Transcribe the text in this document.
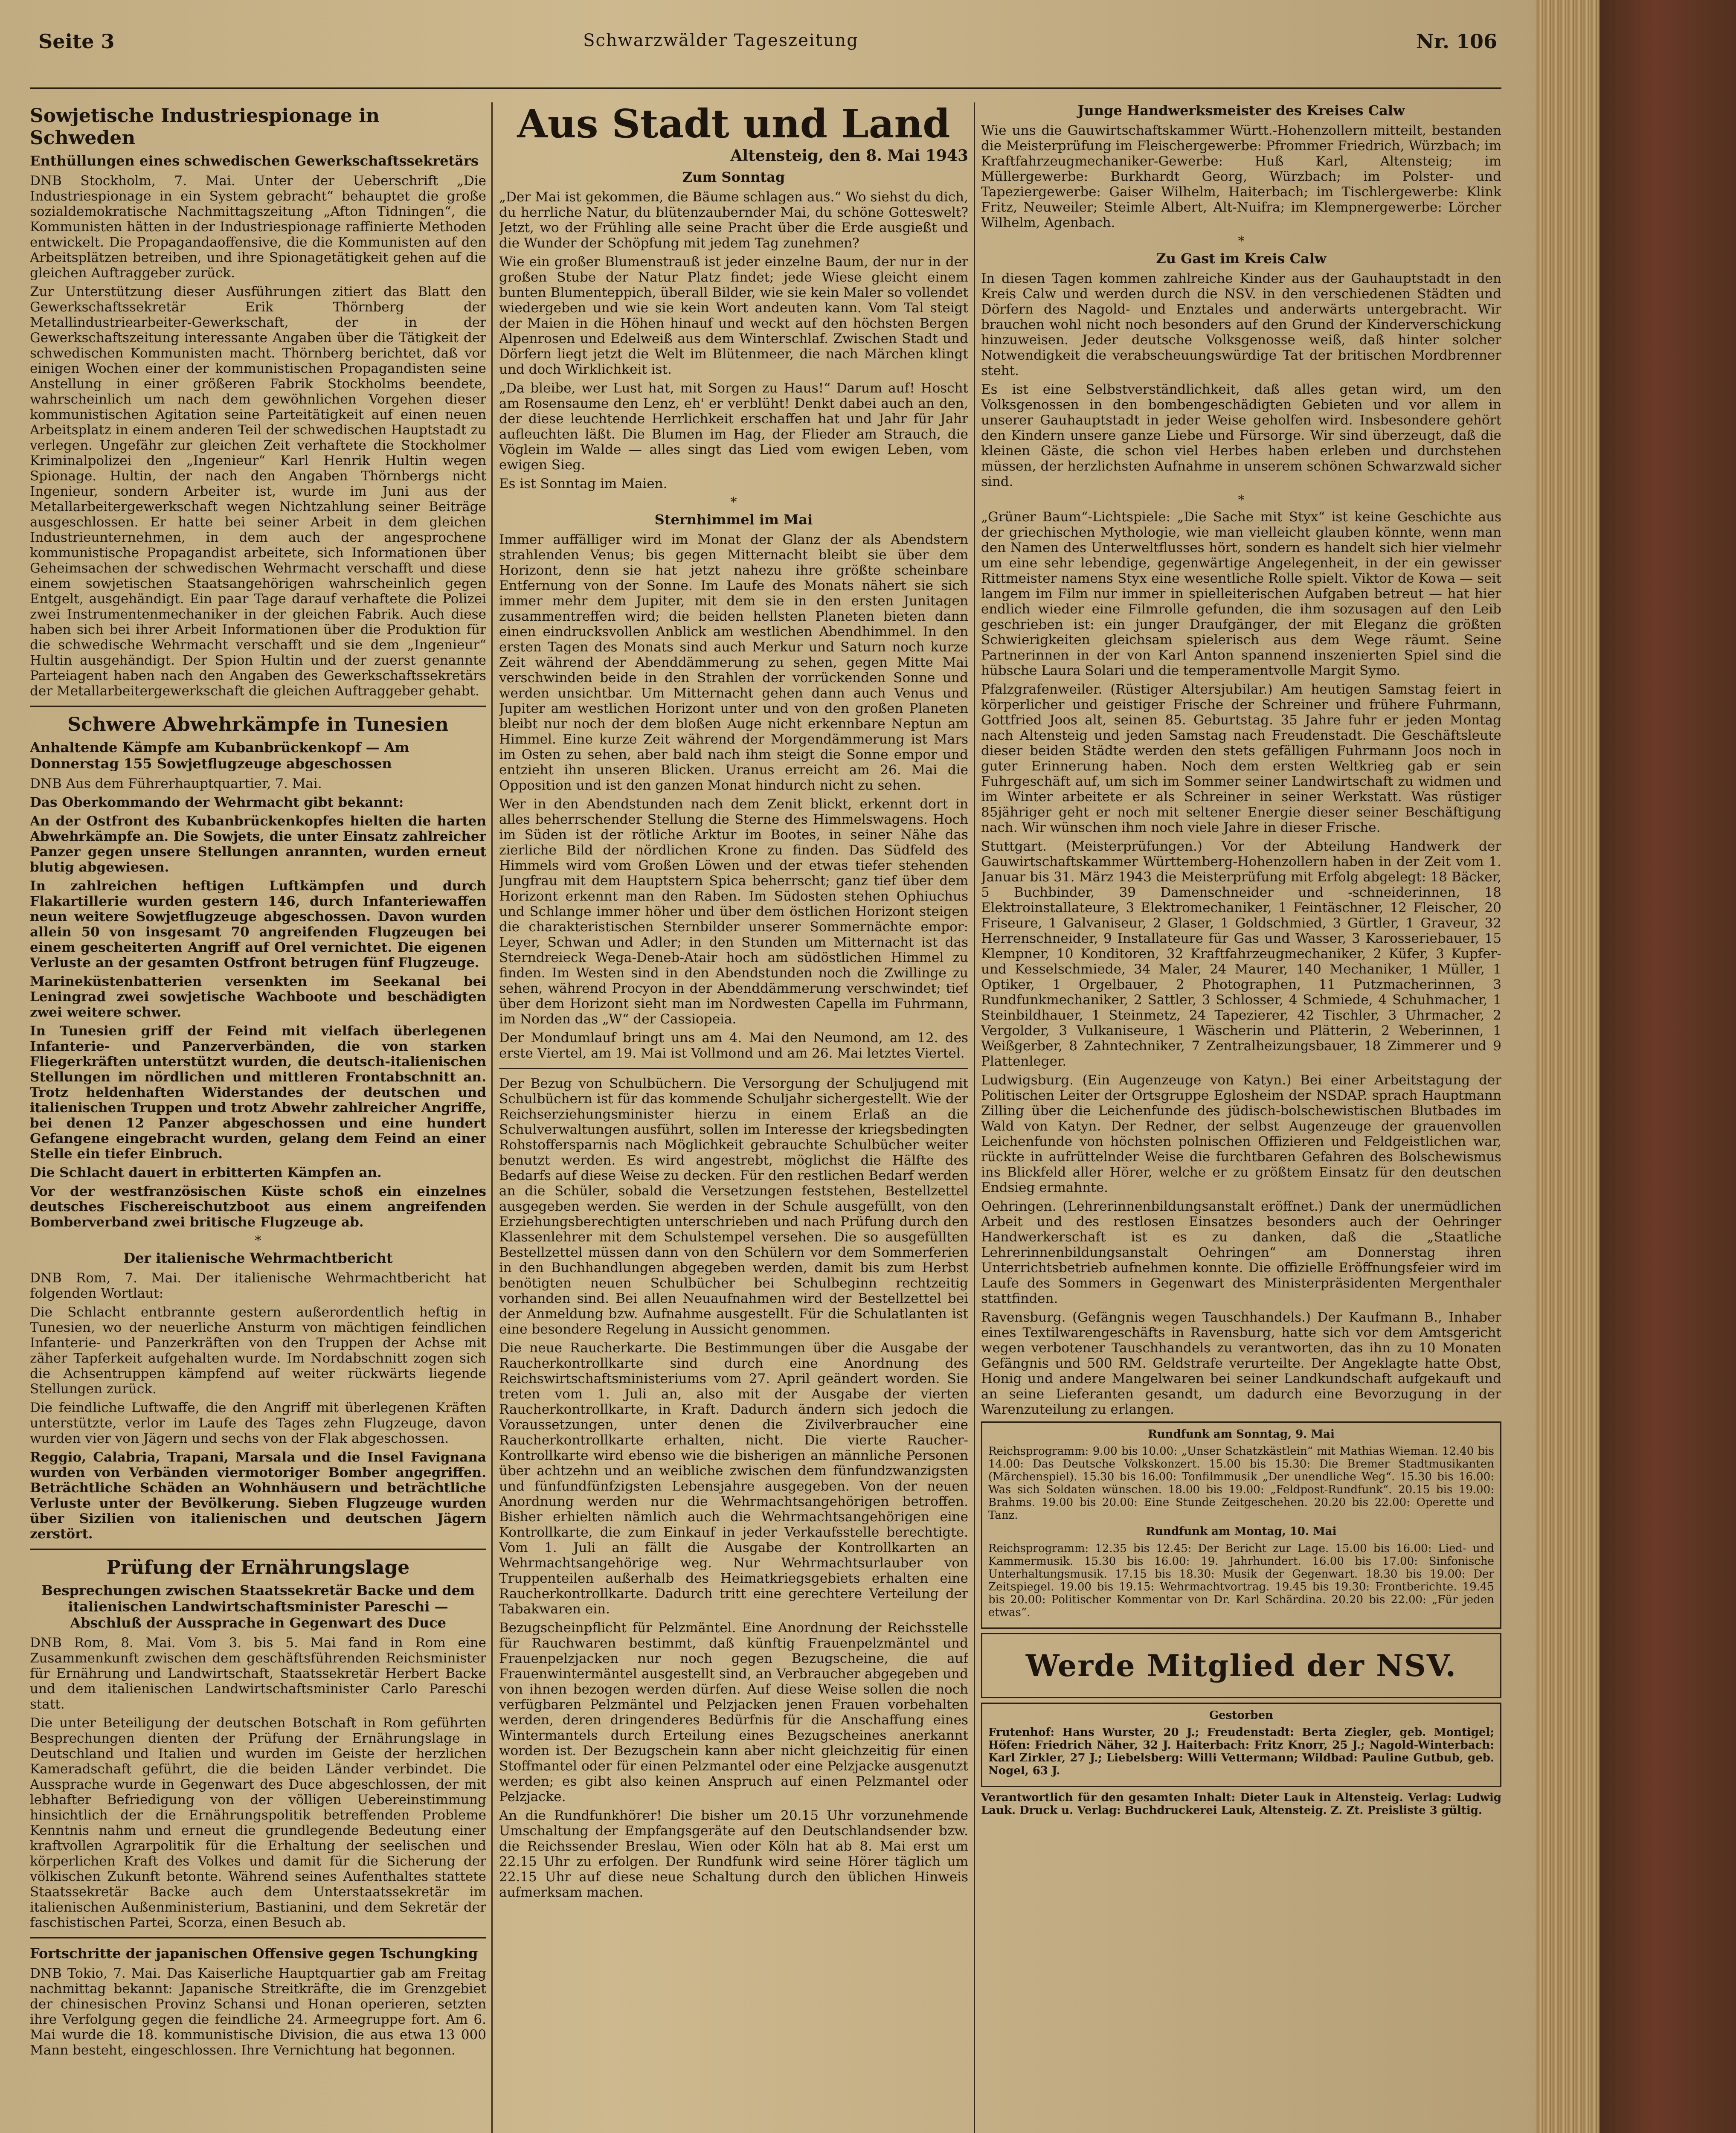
Seite 3	Schwarzwälder Tageszeitung	Nr. 106
Sowjetische Industriespionage in Schweden
Enthüllungen eines schwedischen Gewerkschaftssekretärs

DNB Stockholm, 7. Mai. Unter der Ueberschrift „Die Industriespionage in ein System gebracht“ behauptet die große sozialdemokratische Nachmittagszeitung „Afton Tidningen“, die Kommunisten hätten in der Industriespionage raffinierte Methoden entwickelt. Die Propagandaoffensive, die die Kommunisten auf den Arbeitsplätzen betreiben, und ihre Spionagetätigkeit gehen auf die gleichen Auftraggeber zurück.

Zur Unterstützung dieser Ausführungen zitiert das Blatt den Gewerkschaftssekretär Erik Thörnberg der Metallindustriearbeiter-Gewerkschaft, der in der Gewerkschaftszeitung interessante Angaben über die Tätigkeit der schwedischen Kommunisten macht. Thörnberg berichtet, daß vor einigen Wochen einer der kommunistischen Propagandisten seine Anstellung in einer größeren Fabrik Stockholms beendete, wahrscheinlich um nach dem gewöhnlichen Vorgehen dieser kommunistischen Agitation seine Parteitätigkeit auf einen neuen Arbeitsplatz in einem anderen Teil der schwedischen Hauptstadt zu verlegen. Ungefähr zur gleichen Zeit verhaftete die Stockholmer Kriminalpolizei den „Ingenieur“ Karl Henrik Hultin wegen Spionage. Hultin, der nach den Angaben Thörnbergs nicht Ingenieur, sondern Arbeiter ist, wurde im Juni aus der Metallarbeitergewerkschaft wegen Nichtzahlung seiner Beiträge ausgeschlossen. Er hatte bei seiner Arbeit in dem gleichen Industrieunternehmen, in dem auch der angesprochene kommunistische Propagandist arbeitete, sich Informationen über Geheimsachen der schwedischen Wehrmacht verschafft und diese einem sowjetischen Staatsangehörigen wahrscheinlich gegen Entgelt, ausgehändigt. Ein paar Tage darauf verhaftete die Polizei zwei Instrumentenmechaniker in der gleichen Fabrik. Auch diese haben sich bei ihrer Arbeit Informationen über die Produktion für die schwedische Wehrmacht verschafft und sie dem „Ingenieur“ Hultin ausgehändigt. Der Spion Hultin und der zuerst genannte Parteiagent haben nach den Angaben des Gewerkschaftssekretärs der Metallarbeitergewerkschaft die gleichen Auftraggeber gehabt.

Schwere Abwehrkämpfe in Tunesien
Anhaltende Kämpfe am Kubanbrückenkopf — Am Donnerstag 155 Sowjetflugzeuge abgeschossen

DNB Aus dem Führerhauptquartier, 7. Mai.

Das Oberkommando der Wehrmacht gibt bekannt:

An der Ostfront des Kubanbrückenkopfes hielten die harten Abwehrkämpfe an. Die Sowjets, die unter Einsatz zahlreicher Panzer gegen unsere Stellungen anrannten, wurden erneut blutig abgewiesen.

In zahlreichen heftigen Luftkämpfen und durch Flakartillerie wurden gestern 146, durch Infanteriewaffen neun weitere Sowjetflugzeuge abgeschossen. Davon wurden allein 50 von insgesamt 70 angreifenden Flugzeugen bei einem gescheiterten Angriff auf Orel vernichtet. Die eigenen Verluste an der gesamten Ostfront betrugen fünf Flugzeuge.

Marineküstenbatterien versenkten im Seekanal bei Leningrad zwei sowjetische Wachboote und beschädigten zwei weitere schwer.

In Tunesien griff der Feind mit vielfach überlegenen Infanterie- und Panzerverbänden, die von starken Fliegerkräften unterstützt wurden, die deutsch-italienischen Stellungen im nördlichen und mittleren Frontabschnitt an. Trotz heldenhaften Widerstandes der deutschen und italienischen Truppen und trotz Abwehr zahlreicher Angriffe, bei denen 12 Panzer abgeschossen und eine hundert Gefangene eingebracht wurden, gelang dem Feind an einer Stelle ein tiefer Einbruch.

Die Schlacht dauert in erbitterten Kämpfen an.

Vor der westfranzösischen Küste schoß ein einzelnes deutsches Fischereischutzboot aus einem angreifenden Bomberverband zwei britische Flugzeuge ab.

*
Der italienische Wehrmachtbericht

DNB Rom, 7. Mai. Der italienische Wehrmachtbericht hat folgenden Wortlaut:

Die Schlacht entbrannte gestern außerordentlich heftig in Tunesien, wo der neuerliche Ansturm von mächtigen feindlichen Infanterie- und Panzerkräften von den Truppen der Achse mit zäher Tapferkeit aufgehalten wurde. Im Nordabschnitt zogen sich die Achsentruppen kämpfend auf weiter rückwärts liegende Stellungen zurück.

Die feindliche Luftwaffe, die den Angriff mit überlegenen Kräften unterstützte, verlor im Laufe des Tages zehn Flugzeuge, davon wurden vier von Jägern und sechs von der Flak abgeschossen.

Reggio, Calabria, Trapani, Marsala und die Insel Favignana wurden von Verbänden viermotoriger Bomber angegriffen. Beträchtliche Schäden an Wohnhäusern und beträchtliche Verluste unter der Bevölkerung. Sieben Flugzeuge wurden über Sizilien von italienischen und deutschen Jägern zerstört.

Prüfung der Ernährungslage
Besprechungen zwischen Staatssekretär Backe und dem italienischen Landwirtschaftsminister Pareschi — Abschluß der Aussprache in Gegenwart des Duce

DNB Rom, 8. Mai. Vom 3. bis 5. Mai fand in Rom eine Zusammenkunft zwischen dem geschäftsführenden Reichsminister für Ernährung und Landwirtschaft, Staatssekretär Herbert Backe und dem italienischen Landwirtschaftsminister Carlo Pareschi statt.

Die unter Beteiligung der deutschen Botschaft in Rom geführten Besprechungen dienten der Prüfung der Ernährungslage in Deutschland und Italien und wurden im Geiste der herzlichen Kameradschaft geführt, die die beiden Länder verbindet. Die Aussprache wurde in Gegenwart des Duce abgeschlossen, der mit lebhafter Befriedigung von der völligen Uebereinstimmung hinsichtlich der die Ernährungspolitik betreffenden Probleme Kenntnis nahm und erneut die grundlegende Bedeutung einer kraftvollen Agrarpolitik für die Erhaltung der seelischen und körperlichen Kraft des Volkes und damit für die Sicherung der völkischen Zukunft betonte. Während seines Aufenthaltes stattete Staatssekretär Backe auch dem Unterstaatssekretär im italienischen Außenministerium, Bastianini, und dem Sekretär der faschistischen Partei, Scorza, einen Besuch ab.

Fortschritte der japanischen Offensive gegen Tschungking

DNB Tokio, 7. Mai. Das Kaiserliche Hauptquartier gab am Freitag nachmittag bekannt: Japanische Streitkräfte, die im Grenzgebiet der chinesischen Provinz Schansi und Honan operieren, setzten ihre Verfolgung gegen die feindliche 24. Armeegruppe fort. Am 6. Mai wurde die 18. kommunistische Division, die aus etwa 13 000 Mann besteht, eingeschlossen. Ihre Vernichtung hat begonnen.

Aus Stadt und Land
Altensteig, den 8. Mai 1943
Zum Sonntag

„Der Mai ist gekommen, die Bäume schlagen aus.“ Wo siehst du dich, du herrliche Natur, du blütenzaubernder Mai, du schöne Gotteswelt? Jetzt, wo der Frühling alle seine Pracht über die Erde ausgießt und die Wunder der Schöpfung mit jedem Tag zunehmen?

Wie ein großer Blumenstrauß ist jeder einzelne Baum, der nur in der großen Stube der Natur Platz findet; jede Wiese gleicht einem bunten Blumenteppich, überall Bilder, wie sie kein Maler so vollendet wiedergeben und wie sie kein Wort andeuten kann. Vom Tal steigt der Maien in die Höhen hinauf und weckt auf den höchsten Bergen Alpenrosen und Edelweiß aus dem Winterschlaf. Zwischen Stadt und Dörfern liegt jetzt die Welt im Blütenmeer, die nach Märchen klingt und doch Wirklichkeit ist.

„Da bleibe, wer Lust hat, mit Sorgen zu Haus!“ Darum auf! Hoscht am Rosensaume den Lenz, eh' er verblüht! Denkt dabei auch an den, der diese leuchtende Herrlichkeit erschaffen hat und Jahr für Jahr aufleuchten läßt. Die Blumen im Hag, der Flieder am Strauch, die Vöglein im Walde — alles singt das Lied vom ewigen Leben, vom ewigen Sieg.

Es ist Sonntag im Maien.

*
Sternhimmel im Mai

Immer auffälliger wird im Monat der Glanz der als Abendstern strahlenden Venus; bis gegen Mitternacht bleibt sie über dem Horizont, denn sie hat jetzt nahezu ihre größte scheinbare Entfernung von der Sonne. Im Laufe des Monats nähert sie sich immer mehr dem Jupiter, mit dem sie in den ersten Junitagen zusammentreffen wird; die beiden hellsten Planeten bieten dann einen eindrucksvollen Anblick am westlichen Abendhimmel. In den ersten Tagen des Monats sind auch Merkur und Saturn noch kurze Zeit während der Abenddämmerung zu sehen, gegen Mitte Mai verschwinden beide in den Strahlen der vorrückenden Sonne und werden unsichtbar. Um Mitternacht gehen dann auch Venus und Jupiter am westlichen Horizont unter und von den großen Planeten bleibt nur noch der dem bloßen Auge nicht erkennbare Neptun am Himmel. Eine kurze Zeit während der Morgendämmerung ist Mars im Osten zu sehen, aber bald nach ihm steigt die Sonne empor und entzieht ihn unseren Blicken. Uranus erreicht am 26. Mai die Opposition und ist den ganzen Monat hindurch nicht zu sehen.

Wer in den Abendstunden nach dem Zenit blickt, erkennt dort in alles beherrschender Stellung die Sterne des Himmelswagens. Hoch im Süden ist der rötliche Arktur im Bootes, in seiner Nähe das zierliche Bild der nördlichen Krone zu finden. Das Südfeld des Himmels wird vom Großen Löwen und der etwas tiefer stehenden Jungfrau mit dem Hauptstern Spica beherrscht; ganz tief über dem Horizont erkennt man den Raben. Im Südosten stehen Ophiuchus und Schlange immer höher und über dem östlichen Horizont steigen die charakteristischen Sternbilder unserer Sommernächte empor: Leyer, Schwan und Adler; in den Stunden um Mitternacht ist das Sterndreieck Wega-Deneb-Atair hoch am südöstlichen Himmel zu finden. Im Westen sind in den Abendstunden noch die Zwillinge zu sehen, während Procyon in der Abenddämmerung verschwindet; tief über dem Horizont sieht man im Nordwesten Capella im Fuhrmann, im Norden das „W“ der Cassiopeia.

Der Mondumlauf bringt uns am 4. Mai den Neumond, am 12. des erste Viertel, am 19. Mai ist Vollmond und am 26. Mai letztes Viertel.

Der Bezug von Schulbüchern. Die Versorgung der Schuljugend mit Schulbüchern ist für das kommende Schuljahr sichergestellt. Wie der Reichserziehungsminister hierzu in einem Erlaß an die Schulverwaltungen ausführt, sollen im Interesse der kriegsbedingten Rohstoffersparnis nach Möglichkeit gebrauchte Schulbücher weiter benutzt werden. Es wird angestrebt, möglichst die Hälfte des Bedarfs auf diese Weise zu decken. Für den restlichen Bedarf werden an die Schüler, sobald die Versetzungen feststehen, Bestellzettel ausgegeben werden. Sie werden in der Schule ausgefüllt, von den Erziehungsberechtigten unterschrieben und nach Prüfung durch den Klassenlehrer mit dem Schulstempel versehen. Die so ausgefüllten Bestellzettel müssen dann von den Schülern vor dem Sommerferien in den Buchhandlungen abgegeben werden, damit bis zum Herbst benötigten neuen Schulbücher bei Schulbeginn rechtzeitig vorhanden sind. Bei allen Neuaufnahmen wird der Bestellzettel bei der Anmeldung bzw. Aufnahme ausgestellt. Für die Schulatlanten ist eine besondere Regelung in Aussicht genommen.

Die neue Raucherkarte. Die Bestimmungen über die Ausgabe der Raucherkontrollkarte sind durch eine Anordnung des Reichswirtschaftsministeriums vom 27. April geändert worden. Sie treten vom 1. Juli an, also mit der Ausgabe der vierten Raucherkontrollkarte, in Kraft. Dadurch ändern sich jedoch die Voraussetzungen, unter denen die Zivilverbraucher eine Raucherkontrollkarte erhalten, nicht. Die vierte Raucher-Kontrollkarte wird ebenso wie die bisherigen an männliche Personen über achtzehn und an weibliche zwischen dem fünfundzwanzigsten und fünfundfünfzigsten Lebensjahre ausgegeben. Von der neuen Anordnung werden nur die Wehrmachtsangehörigen betroffen. Bisher erhielten nämlich auch die Wehrmachtsangehörigen eine Kontrollkarte, die zum Einkauf in jeder Verkaufsstelle berechtigte. Vom 1. Juli an fällt die Ausgabe der Kontrollkarten an Wehrmachtsangehörige weg. Nur Wehrmachtsurlauber von Truppenteilen außerhalb des Heimatkriegsgebiets erhalten eine Raucherkontrollkarte. Dadurch tritt eine gerechtere Verteilung der Tabakwaren ein.

Bezugscheinpflicht für Pelzmäntel. Eine Anordnung der Reichsstelle für Rauchwaren bestimmt, daß künftig Frauenpelzmäntel und Frauenpelzjacken nur noch gegen Bezugscheine, die auf Frauenwintermäntel ausgestellt sind, an Verbraucher abgegeben und von ihnen bezogen werden dürfen. Auf diese Weise sollen die noch verfügbaren Pelzmäntel und Pelzjacken jenen Frauen vorbehalten werden, deren dringenderes Bedürfnis für die Anschaffung eines Wintermantels durch Erteilung eines Bezugscheines anerkannt worden ist. Der Bezugschein kann aber nicht gleichzeitig für einen Stoffmantel oder für einen Pelzmantel oder eine Pelzjacke ausgenutzt werden; es gibt also keinen Anspruch auf einen Pelzmantel oder Pelzjacke.

An die Rundfunkhörer! Die bisher um 20.15 Uhr vorzunehmende Umschaltung der Empfangsgeräte auf den Deutschlandsender bzw. die Reichssender Breslau, Wien oder Köln hat ab 8. Mai erst um 22.15 Uhr zu erfolgen. Der Rundfunk wird seine Hörer täglich um 22.15 Uhr auf diese neue Schaltung durch den üblichen Hinweis aufmerksam machen.

Junge Handwerksmeister des Kreises Calw

Wie uns die Gauwirtschaftskammer Württ.-Hohenzollern mitteilt, bestanden die Meisterprüfung im Fleischergewerbe: Pfrommer Friedrich, Würzbach; im Kraftfahrzeugmechaniker-Gewerbe: Huß Karl, Altensteig; im Müllergewerbe: Burkhardt Georg, Würzbach; im Polster- und Tapeziergewerbe: Gaiser Wilhelm, Haiterbach; im Tischlergewerbe: Klink Fritz, Neuweiler; Steimle Albert, Alt-Nuifra; im Klempnergewerbe: Lörcher Wilhelm, Agenbach.

*
Zu Gast im Kreis Calw

In diesen Tagen kommen zahlreiche Kinder aus der Gauhauptstadt in den Kreis Calw und werden durch die NSV. in den verschiedenen Städten und Dörfern des Nagold- und Enztales und anderwärts untergebracht. Wir brauchen wohl nicht noch besonders auf den Grund der Kinderverschickung hinzuweisen. Jeder deutsche Volksgenosse weiß, daß hinter solcher Notwendigkeit die verabscheuungswürdige Tat der britischen Mordbrenner steht.

Es ist eine Selbstverständlichkeit, daß alles getan wird, um den Volksgenossen in den bombengeschädigten Gebieten und vor allem in unserer Gauhauptstadt in jeder Weise geholfen wird. Insbesondere gehört den Kindern unsere ganze Liebe und Fürsorge. Wir sind überzeugt, daß die kleinen Gäste, die schon viel Herbes haben erleben und durchstehen müssen, der herzlichsten Aufnahme in unserem schönen Schwarzwald sicher sind.

*

„Grüner Baum“-Lichtspiele: „Die Sache mit Styx“ ist keine Geschichte aus der griechischen Mythologie, wie man vielleicht glauben könnte, wenn man den Namen des Unterweltflusses hört, sondern es handelt sich hier vielmehr um eine sehr lebendige, gegenwärtige Angelegenheit, in der ein gewisser Rittmeister namens Styx eine wesentliche Rolle spielt. Viktor de Kowa — seit langem im Film nur immer in spielleiterischen Aufgaben betreut — hat hier endlich wieder eine Filmrolle gefunden, die ihm sozusagen auf den Leib geschrieben ist: ein junger Draufgänger, der mit Eleganz die größten Schwierigkeiten gleichsam spielerisch aus dem Wege räumt. Seine Partnerinnen in der von Karl Anton spannend inszenierten Spiel sind die hübsche Laura Solari und die temperamentvolle Margit Symo.

Pfalzgrafenweiler. (Rüstiger Altersjubilar.) Am heutigen Samstag feiert in körperlicher und geistiger Frische der Schreiner und frühere Fuhrmann, Gottfried Joos alt, seinen 85. Geburtstag. 35 Jahre fuhr er jeden Montag nach Altensteig und jeden Samstag nach Freudenstadt. Die Geschäftsleute dieser beiden Städte werden den stets gefälligen Fuhrmann Joos noch in guter Erinnerung haben. Noch dem ersten Weltkrieg gab er sein Fuhrgeschäft auf, um sich im Sommer seiner Landwirtschaft zu widmen und im Winter arbeitete er als Schreiner in seiner Werkstatt. Was rüstiger 85jähriger geht er noch mit seltener Energie dieser seiner Beschäftigung nach. Wir wünschen ihm noch viele Jahre in dieser Frische.

Stuttgart. (Meisterprüfungen.) Vor der Abteilung Handwerk der Gauwirtschaftskammer Württemberg-Hohenzollern haben in der Zeit vom 1. Januar bis 31. März 1943 die Meisterprüfung mit Erfolg abgelegt: 18 Bäcker, 5 Buchbinder, 39 Damenschneider und -schneiderinnen, 18 Elektroinstallateure, 3 Elektromechaniker, 1 Feintäschner, 12 Fleischer, 20 Friseure, 1 Galvaniseur, 2 Glaser, 1 Goldschmied, 3 Gürtler, 1 Graveur, 32 Herrenschneider, 9 Installateure für Gas und Wasser, 3 Karosseriebauer, 15 Klempner, 10 Konditoren, 32 Kraftfahrzeugmechaniker, 2 Küfer, 3 Kupfer- und Kesselschmiede, 34 Maler, 24 Maurer, 140 Mechaniker, 1 Müller, 1 Optiker, 1 Orgelbauer, 2 Photographen, 11 Putzmacherinnen, 3 Rundfunkmechaniker, 2 Sattler, 3 Schlosser, 4 Schmiede, 4 Schuhmacher, 1 Steinbildhauer, 1 Steinmetz, 24 Tapezierer, 42 Tischler, 3 Uhrmacher, 2 Vergolder, 3 Vulkaniseure, 1 Wäscherin und Plätterin, 2 Weberinnen, 1 Weißgerber, 8 Zahntechniker, 7 Zentralheizungsbauer, 18 Zimmerer und 9 Plattenleger.

Ludwigsburg. (Ein Augenzeuge von Katyn.) Bei einer Arbeitstagung der Politischen Leiter der Ortsgruppe Eglosheim der NSDAP. sprach Hauptmann Zilling über die Leichenfunde des jüdisch-bolschewistischen Blutbades im Wald von Katyn. Der Redner, der selbst Augenzeuge der grauenvollen Leichenfunde von höchsten polnischen Offizieren und Feldgeistlichen war, rückte in aufrüttelnder Weise die furchtbaren Gefahren des Bolschewismus ins Blickfeld aller Hörer, welche er zu größtem Einsatz für den deutschen Endsieg ermahnte.

Oehringen. (Lehrerinnenbildungsanstalt eröffnet.) Dank der unermüdlichen Arbeit und des restlosen Einsatzes besonders auch der Oehringer Handwerkerschaft ist es zu danken, daß die „Staatliche Lehrerinnenbildungsanstalt Oehringen“ am Donnerstag ihren Unterrichtsbetrieb aufnehmen konnte. Die offizielle Eröffnungsfeier wird im Laufe des Sommers in Gegenwart des Ministerpräsidenten Mergenthaler stattfinden.

Ravensburg. (Gefängnis wegen Tauschhandels.) Der Kaufmann B., Inhaber eines Textilwarengeschäfts in Ravensburg, hatte sich vor dem Amtsgericht wegen verbotener Tauschhandels zu verantworten, das ihn zu 10 Monaten Gefängnis und 500 RM. Geldstrafe verurteilte. Der Angeklagte hatte Obst, Honig und andere Mangelwaren bei seiner Landkundschaft aufgekauft und an seine Lieferanten gesandt, um dadurch eine Bevorzugung in der Warenzuteilung zu erlangen.

Rundfunk am Sonntag, 9. Mai

Reichsprogramm: 9.00 bis 10.00: „Unser Schatzkästlein“ mit Mathias Wieman. 12.40 bis 14.00: Das Deutsche Volkskonzert. 15.00 bis 15.30: Die Bremer Stadtmusikanten (Märchenspiel). 15.30 bis 16.00: Tonfilmmusik „Der unendliche Weg“. 15.30 bis 16.00: Was sich Soldaten wünschen. 18.00 bis 19.00: „Feldpost-Rundfunk“. 20.15 bis 19.00: Brahms. 19.00 bis 20.00: Eine Stunde Zeitgeschehen. 20.20 bis 22.00: Operette und Tanz.

Rundfunk am Montag, 10. Mai

Reichsprogramm: 12.35 bis 12.45: Der Bericht zur Lage. 15.00 bis 16.00: Lied- und Kammermusik. 15.30 bis 16.00: 19. Jahrhundert. 16.00 bis 17.00: Sinfonische Unterhaltungsmusik. 17.15 bis 18.30: Musik der Gegenwart. 18.30 bis 19.00: Der Zeitspiegel. 19.00 bis 19.15: Wehrmachtvortrag. 19.45 bis 19.30: Frontberichte. 19.45 bis 20.00: Politischer Kommentar von Dr. Karl Schärdina. 20.20 bis 22.00: „Für jeden etwas“.

Werde Mitglied der NSV.
Gestorben

Frutenhof: Hans Wurster, 20 J.; Freudenstadt: Berta Ziegler, geb. Montigel; Höfen: Friedrich Näher, 32 J. Haiterbach: Fritz Knorr, 25 J.; Nagold-Winterbach: Karl Zirkler, 27 J.; Liebelsberg: Willi Vettermann; Wildbad: Pauline Gutbub, geb. Nogel, 63 J.

Verantwortlich für den gesamten Inhalt: Dieter Lauk in Altensteig. Verlag: Ludwig Lauk. Druck u. Verlag: Buchdruckerei Lauk, Altensteig. Z. Zt. Preisliste 3 gültig.
